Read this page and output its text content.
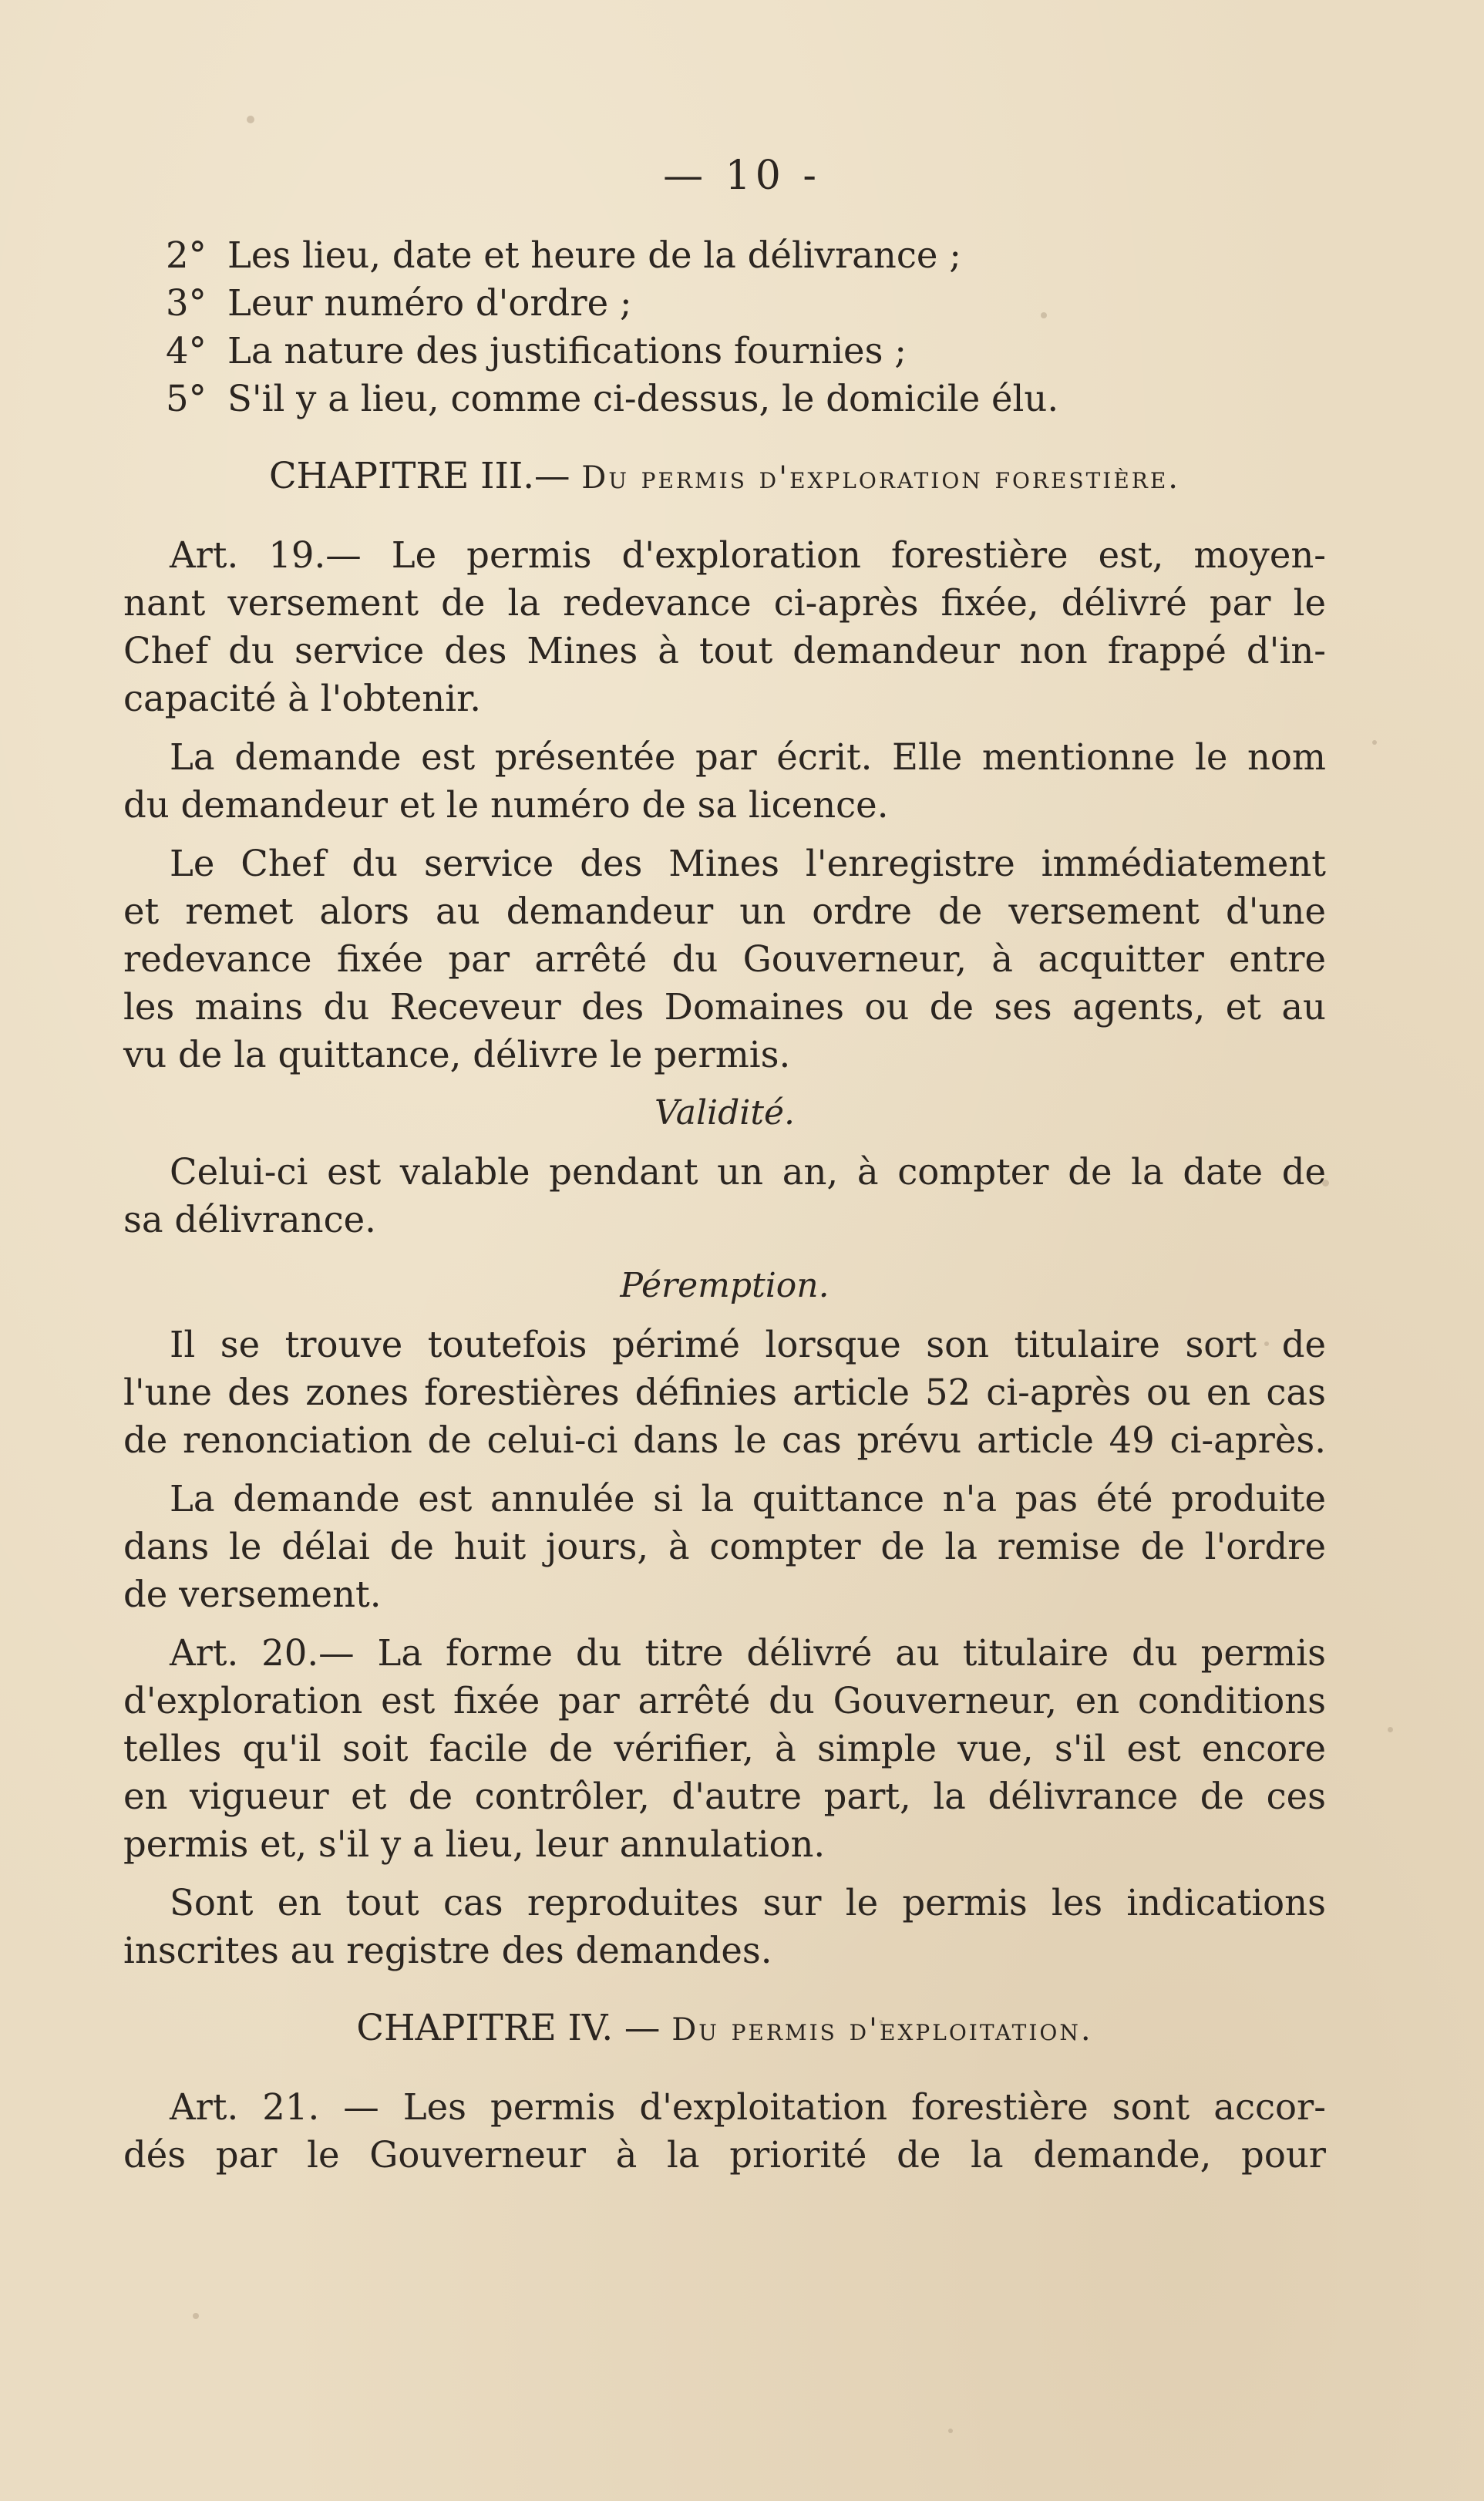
— 10 -

2° Les lieu, date et heure de la délivrance ;

3° Leur numéro d'ordre ;

4° La nature des justifications fournies ;

5° S'il y a lieu, comme ci-dessus, le domicile élu.

CHAPITRE III.— Du permis d'exploration forestière.

Art. 19.— Le permis d'exploration forestière est, moyen-

nant versement de la redevance ci-après fixée, délivré par le

Chef du service des Mines à tout demandeur non frappé d'in-

capacité à l'obtenir.

La demande est présentée par écrit. Elle mentionne le nom

du demandeur et le numéro de sa licence.

Le Chef du service des Mines l'enregistre immédiatement

et remet alors au demandeur un ordre de versement d'une

redevance fixée par arrêté du Gouverneur, à acquitter entre

les mains du Receveur des Domaines ou de ses agents, et au

vu de la quittance, délivre le permis.

Validité.

Celui-ci est valable pendant un an, à compter de la date de

sa délivrance.

Péremption.

Il se trouve toutefois périmé lorsque son titulaire sort de

l'une des zones forestières définies article 52 ci-après ou en cas

de renonciation de celui-ci dans le cas prévu article 49 ci-après.

La demande est annulée si la quittance n'a pas été produite

dans le délai de huit jours, à compter de la remise de l'ordre

de versement.

Art. 20.— La forme du titre délivré au titulaire du permis

d'exploration est fixée par arrêté du Gouverneur, en conditions

telles qu'il soit facile de vérifier, à simple vue, s'il est encore

en vigueur et de contrôler, d'autre part, la délivrance de ces

permis et, s'il y a lieu, leur annulation.

Sont en tout cas reproduites sur le permis les indications

inscrites au registre des demandes.

CHAPITRE IV. — Du permis d'exploitation.

Art. 21. — Les permis d'exploitation forestière sont accor-

dés par le Gouverneur à la priorité de la demande, pour
